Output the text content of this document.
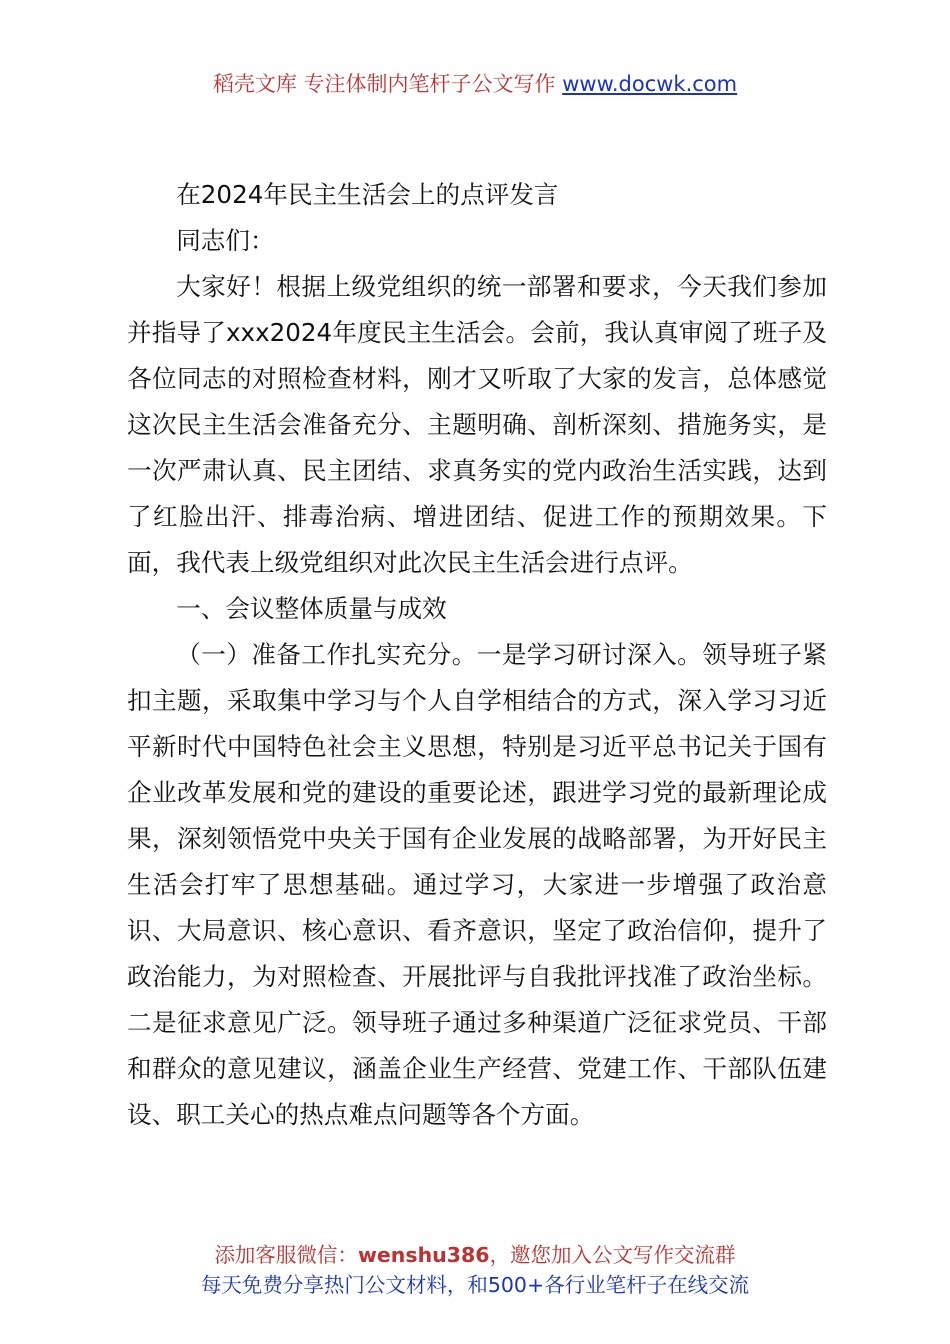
稻壳文库 专注体制内笔杆子公文写作 www.docwk.com

在2024年民主生活会上的点评发言

同志们：

大家好！根据上级党组织的统一部署和要求，今天我们参加并指导了xxx2024年度民主生活会。会前，我认真审阅了班子及各位同志的对照检查材料，刚才又听取了大家的发言，总体感觉这次民主生活会准备充分、主题明确、剖析深刻、措施务实，是一次严肃认真、民主团结、求真务实的党内政治生活实践，达到了红脸出汗、排毒治病、增进团结、促进工作的预期效果。下面，我代表上级党组织对此次民主生活会进行点评。

一、会议整体质量与成效

（一）准备工作扎实充分。一是学习研讨深入。领导班子紧扣主题，采取集中学习与个人自学相结合的方式，深入学习习近平新时代中国特色社会主义思想，特别是习近平总书记关于国有企业改革发展和党的建设的重要论述，跟进学习党的最新理论成果，深刻领悟党中央关于国有企业发展的战略部署，为开好民主生活会打牢了思想基础。通过学习，大家进一步增强了政治意识、大局意识、核心意识、看齐意识，坚定了政治信仰，提升了政治能力，为对照检查、开展批评与自我批评找准了政治坐标。二是征求意见广泛。领导班子通过多种渠道广泛征求党员、干部和群众的意见建议，涵盖企业生产经营、党建工作、干部队伍建设、职工关心的热点难点问题等各个方面。

添加客服微信：wenshu386，邀您加入公文写作交流群
每天免费分享热门公文材料，和500+各行业笔杆子在线交流
